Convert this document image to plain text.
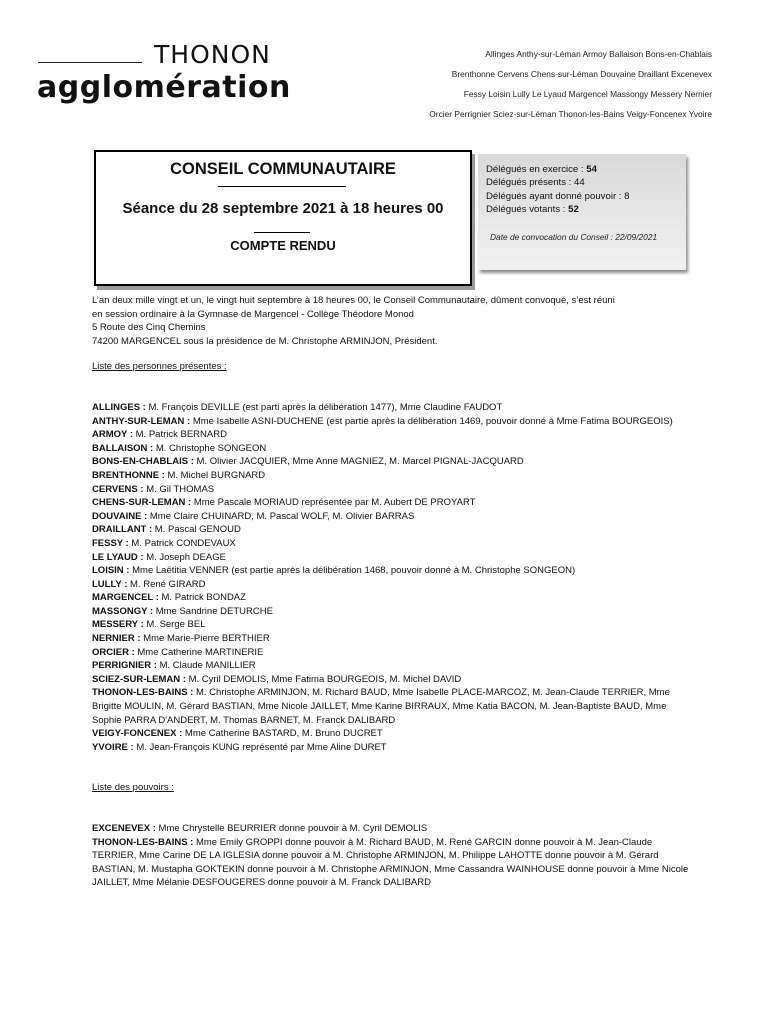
THONON
agglomération
Allinges Anthy-sur-Léman Armoy Ballaison Bons-en-Chablais
Brenthonne Cervens Chens-sur-Léman Douvaine Draillant Excenevex
Fessy Loisin Lully Le Lyaud Margencel Massongy Messery Nernier
Orcier Perrignier Sciez-sur-Léman Thonon-les-Bains Veigy-Foncenex Yvoire
CONSEIL COMMUNAUTAIRE
Séance du 28 septembre 2021 à 18 heures 00
COMPTE RENDU
Délégués en exercice : 54
Délégués présents : 44
Délégués ayant donné pouvoir : 8
Délégués votants : 52
Date de convocation du Conseil : 22/09/2021
L’an deux mille vingt et un, le vingt huit septembre à 18 heures 00, le Conseil Communautaire, dûment convoqué, s’est réuni
en session ordinaire à la Gymnase de Margencel - Collège Théodore Monod
5 Route des Cinq Chemins
74200 MARGENCEL sous la présidence de M. Christophe ARMINJON, Président.
Liste des personnes présentes :
ALLINGES : M. François DEVILLE (est parti après la délibération 1477), Mme Claudine FAUDOT
ANTHY-SUR-LEMAN : Mme Isabelle ASNI-DUCHENE (est partie après la délibération 1469, pouvoir donné à Mme Fatima BOURGEOIS)
ARMOY : M. Patrick BERNARD
BALLAISON : M. Christophe SONGEON
BONS-EN-CHABLAIS : M. Olivier JACQUIER, Mme Anne MAGNIEZ, M. Marcel PIGNAL-JACQUARD
BRENTHONNE : M. Michel BURGNARD
CERVENS : M. Gil THOMAS
CHENS-SUR-LEMAN : Mme Pascale MORIAUD représentée par M. Aubert DE PROYART
DOUVAINE : Mme Claire CHUINARD, M. Pascal WOLF, M. Olivier BARRAS
DRAILLANT : M. Pascal GENOUD
FESSY : M. Patrick CONDEVAUX
LE LYAUD : M. Joseph DEAGE
LOISIN : Mme Laëtitia VENNER (est partie après la délibération 1468, pouvoir donné à M. Christophe SONGEON)
LULLY : M. René GIRARD
MARGENCEL : M. Patrick BONDAZ
MASSONGY : Mme Sandrine DETURCHE
MESSERY : M. Serge BEL
NERNIER : Mme Marie-Pierre BERTHIER
ORCIER : Mme Catherine MARTINERIE
PERRIGNIER : M. Claude MANILLIER
SCIEZ-SUR-LEMAN : M. Cyril DEMOLIS, Mme Fatima BOURGEOIS, M. Michel DAVID
THONON-LES-BAINS : M. Christophe ARMINJON, M. Richard BAUD, Mme Isabelle PLACE-MARCOZ, M. Jean-Claude TERRIER, Mme Brigitte MOULIN, M. Gérard BASTIAN, Mme Nicole JAILLET, Mme Karine BIRRAUX, Mme Katia BACON, M. Jean-Baptiste BAUD, Mme Sophie PARRA D'ANDERT, M. Thomas BARNET, M. Franck DALIBARD
VEIGY-FONCENEX : Mme Catherine BASTARD, M. Bruno DUCRET
YVOIRE : M. Jean-François KUNG représenté par Mme Aline DURET
Liste des pouvoirs :
EXCENEVEX : Mme Chrystelle BEURRIER donne pouvoir à M. Cyril DEMOLIS
THONON-LES-BAINS : Mme Emily GROPPI donne pouvoir à M. Richard BAUD, M. René GARCIN donne pouvoir à M. Jean-Claude TERRIER, Mme Carine DE LA IGLESIA donne pouvoir à M. Christophe ARMINJON, M. Philippe LAHOTTE donne pouvoir à M. Gérard BASTIAN, M. Mustapha GOKTEKIN donne pouvoir à M. Christophe ARMINJON, Mme Cassandra WAINHOUSE donne pouvoir à Mme Nicole JAILLET, Mme Mélanie DESFOUGERES donne pouvoir à M. Franck DALIBARD
